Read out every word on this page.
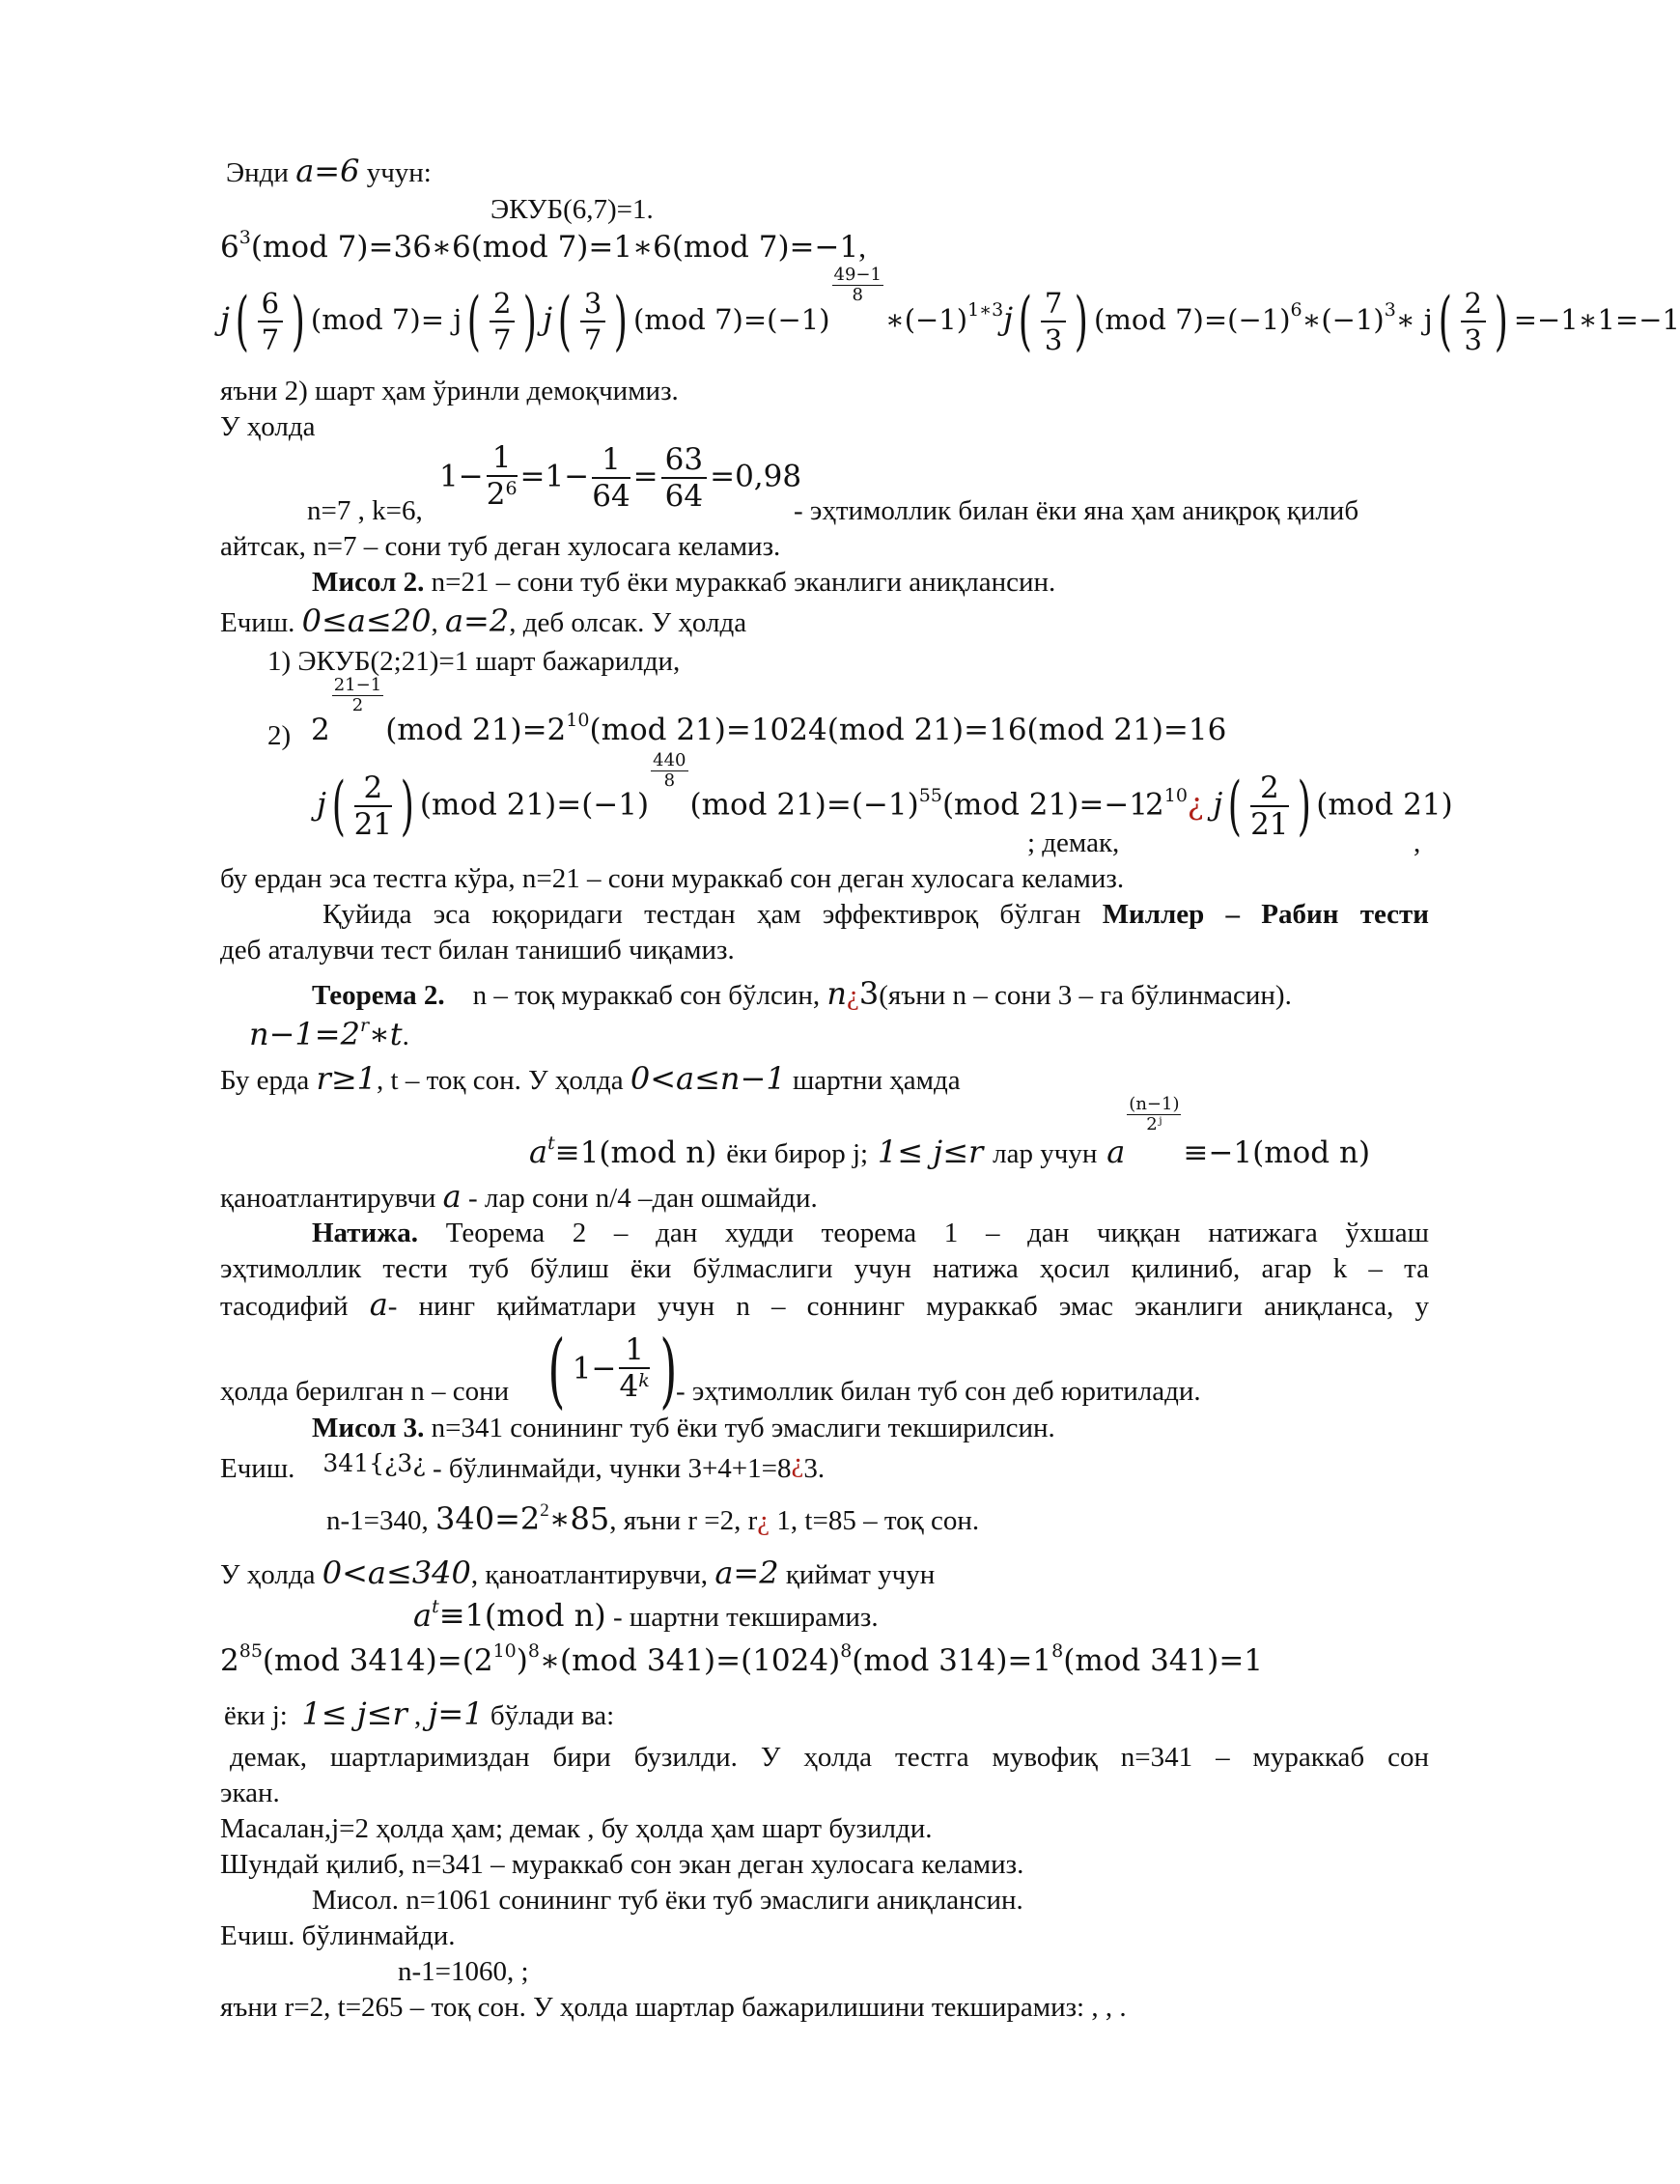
Энди a=6 учун:
ЭКУБ(6,7)=1.
$6^3(mod$ 7)=36∗6(mod 7)=1∗6(mod 7)=−1,
$j( \frac{6}{7}$ ) (mod $7)= j( \frac{2}{7}$ ) $j( \frac{3}{7}$ ) (mod 7)=(−1)
$\frac{49-1}{8}$
$∗(-1)^{1∗3}j( \frac{7}{3}$ ) (mod $7)=(-1)^6∗(-1)^3∗$ $j( \frac{2}{3}$ ) =−1∗1=−1
яъни 2) шарт ҳам ўринли демоқчимиз.
У ҳолда
$1- \frac{1}{2^6} =1- \frac{1}{64} = \frac{63}{64} =0,98$
n=7 , k=6,	- эҳтимоллик билан ёки яна ҳам аниқроқ қилиб
айтсак, n=7 – сони туб деган хулосага келамиз.
Мисол 2. n=21 – сони туб ёки мураккаб эканлиги аниқлансин.
Ечиш. 0≤a≤20, a=2, деб олсак. У ҳолда
1) ЭКУБ(2;21)=1 шарт бажарилди,
2) 2
$\frac{21-1}{2}$
(mod $21)=2^{10}(mod$ 21)=1024(mod 21)=16(mod 21)=16
$j( \frac{2}{21}$ ) (mod 21)=(−1)
$\frac{440}{8}$
(mod $21)=(-1)^{55}(mod$ 21)=−1
; демак,
$2^{10}¿$ $j( \frac{2}{21}$ ) (mod 21)
,
бу ердан эса тестга кўра, n=21 – сони мураккаб сон деган хулосага келамиз.
Қуйида эса юқоридаги тестдан ҳам эффективроқ бўлган Миллер – Рабин тести
деб аталувчи тест билан танишиб чиқамиз.
Теорема 2. n – тоқ мураккаб сон бўлсин, n¿3(яъни n – сони 3 – га бўлинмасин).
$n-1=2^r∗t$.
Бу ерда r≥1, t – тоқ сон. У ҳолда 0<a≤n−1 шартни ҳамда
$a^t\equiv 1(mod$ n) ёки бирор j; 1≤ j≤r лар учун a
$\frac{(n-1)}{\text{2ʲ}}$
≡−1(mod n)
қаноатлантирувчи a - лар сони n/4 –дан ошмайди.
Натижа. Теорема 2 – дан худди теорема 1 – дан чиққан натижага ўхшаш
эҳтимоллик тести туб бўлиш ёки бўлмаслиги учун натижа ҳосил қилиниб, агар k – та
тасодифий a- нинг қийматлари учун n – соннинг мураккаб эмас эканлиги аниқланса, у
ҳолда берилган n – сони ( $1- \frac{1}{4^k}$ )
- эҳтимоллик билан туб сон деб юритилади.
Мисол 3. n=341 сонининг туб ёки туб эмаслиги текширилсин.
Ечиш. 341{¿3¿ - бўлинмайди, чунки 3+4+1=8¿3.
n-1=340, $340=2^2∗85$, яъни r =2, r¿ 1, t=85 – тоқ сон.
У ҳолда 0<a≤340, қаноатлантирувчи, a=2 қиймат учун
$a^t\equiv 1(mod$ n) - шартни текширамиз.
$2^{85}(mod$ $3414)=(2^{10})^8∗(mod$ $341)=(1024)^8(mod$ $314)=1^8(mod$ 341)=1
ёки j: 1≤ j≤r , j=1 бўлади ва:
демак, шартларимиздан бири бузилди. У ҳолда тестга мувофиқ n=341 – мураккаб сон
экан.
Масалан,j=2 ҳолда ҳам; демак , бу ҳолда ҳам шарт бузилди.
Шундай қилиб, n=341 – мураккаб сон экан деган хулосага келамиз.
Мисол. n=1061 сонининг туб ёки туб эмаслиги аниқлансин.
Ечиш. бўлинмайди.
n-1=1060, ;
яъни r=2, t=265 – тоқ сон. У ҳолда шартлар бажарилишини текширамиз: , , .
